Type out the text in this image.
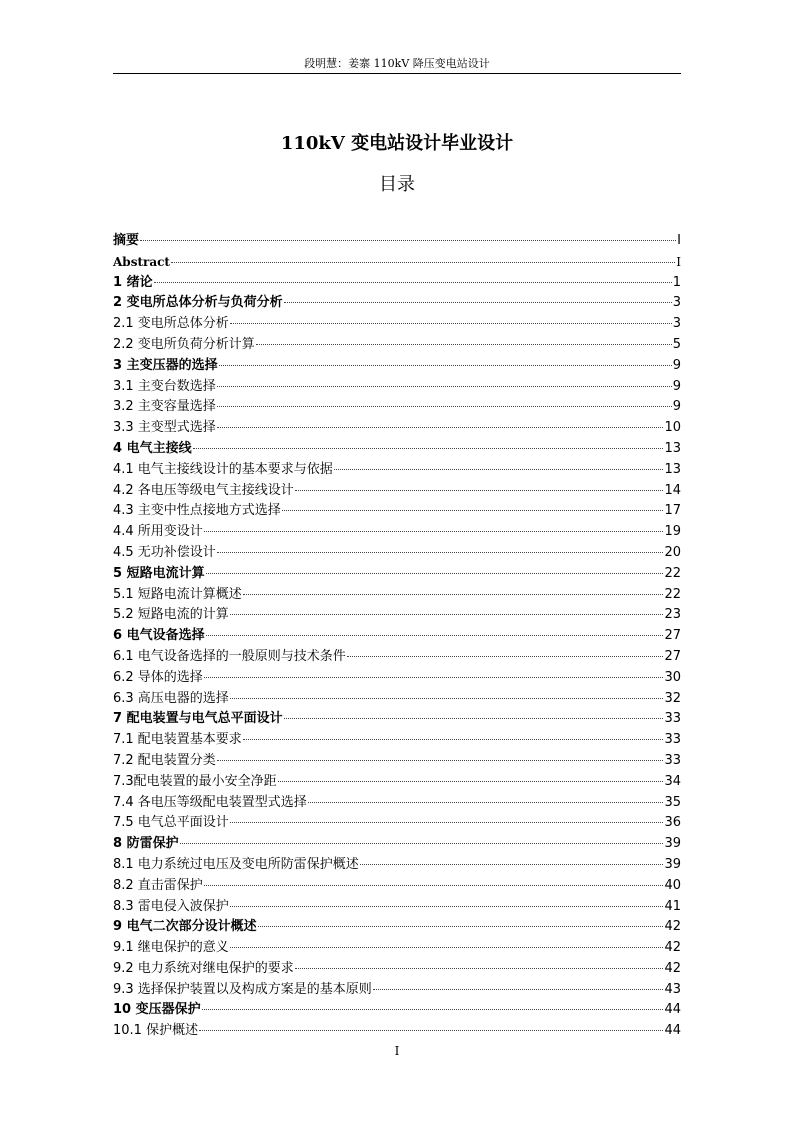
段明慧：姜寨 110kV 降压变电站设计
110kV 变电站设计毕业设计
目录
摘要	I
Abstract	I
1 绪论	1
2 变电所总体分析与负荷分析	3
2.1 变电所总体分析	3
2.2 变电所负荷分析计算	5
3 主变压器的选择	9
3.1 主变台数选择	9
3.2 主变容量选择	9
3.3 主变型式选择	10
4 电气主接线	13
4.1 电气主接线设计的基本要求与依据	13
4.2 各电压等级电气主接线设计	14
4.3 主变中性点接地方式选择	17
4.4 所用变设计	19
4.5 无功补偿设计	20
5 短路电流计算	22
5.1 短路电流计算概述	22
5.2 短路电流的计算	23
6 电气设备选择	27
6.1 电气设备选择的一般原则与技术条件	27
6.2 导体的选择	30
6.3 高压电器的选择	32
7 配电装置与电气总平面设计	33
7.1 配电装置基本要求	33
7.2 配电装置分类	33
7.3配电装置的最小安全净距	34
7.4 各电压等级配电装置型式选择	35
7.5 电气总平面设计	36
8 防雷保护	39
8.1 电力系统过电压及变电所防雷保护概述	39
8.2 直击雷保护	40
8.3 雷电侵入波保护	41
9 电气二次部分设计概述	42
9.1 继电保护的意义	42
9.2 电力系统对继电保护的要求	42
9.3 选择保护装置以及构成方案是的基本原则	43
10 变压器保护	44
10.1 保护概述	44
I
